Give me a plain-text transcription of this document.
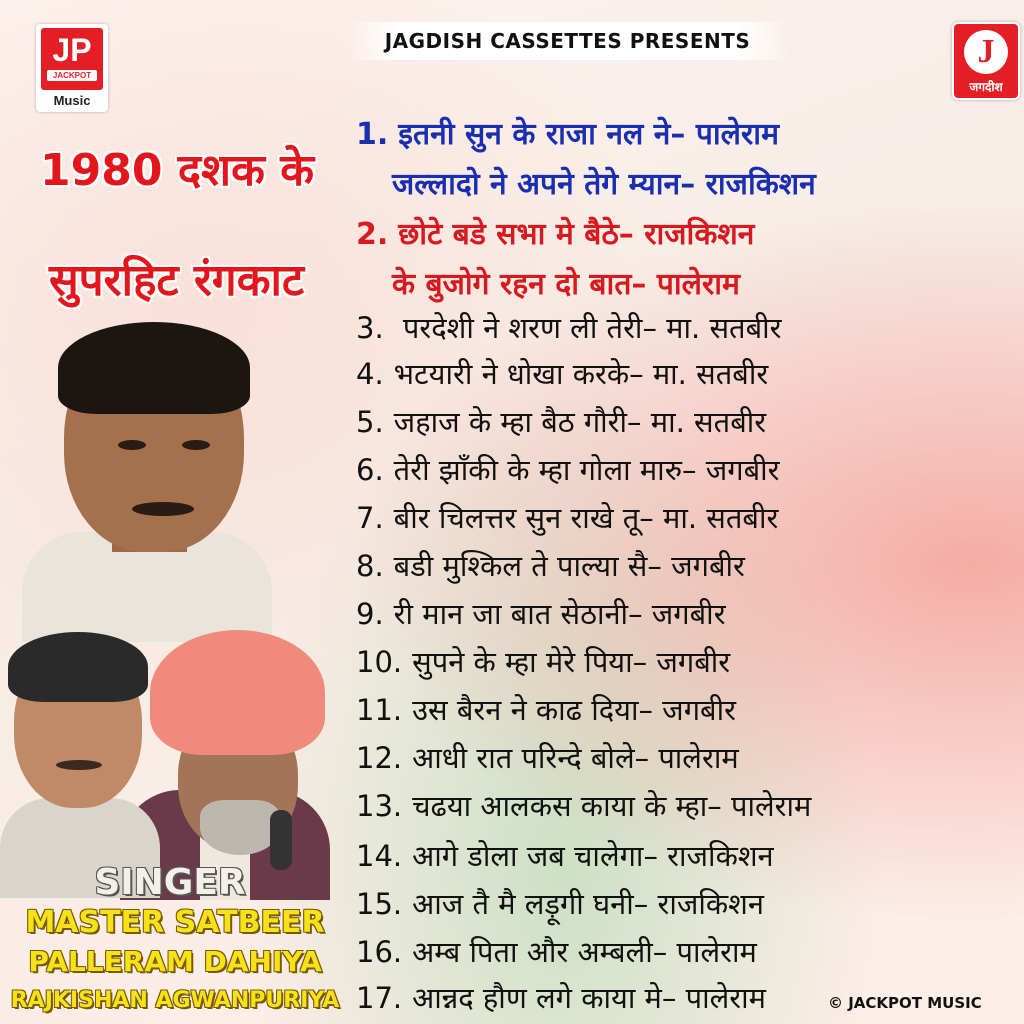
JAGDISH CASSETTES PRESENTS
JP
JACKPOT
Music
J
जगदीश
1980 दशक के
सुपरहिट रंगकाट
SINGER
MASTER SATBEER
PALLERAM DAHIYA
RAJKISHAN AGWANPURIYA
1. इतनी सुन के राजा नल ने– पालेराम
जल्लादो ने अपने तेगे म्यान– राजकिशन
2. छोटे बडे सभा मे बैठे– राजकिशन
के बुजोगे रहन दो बात– पालेराम
3. परदेशी ने शरण ली तेरी– मा. सतबीर
4. भटयारी ने धोखा करके– मा. सतबीर
5. जहाज के म्हा बैठ गौरी– मा. सतबीर
6. तेरी झाँकी के म्हा गोला मारु– जगबीर
7. बीर चिलत्तर सुन राखे तू– मा. सतबीर
8. बडी मुश्किल ते पाल्या सै– जगबीर
9. री मान जा बात सेठानी– जगबीर
10. सुपने के म्हा मेरे पिया– जगबीर
11. उस बैरन ने काढ दिया– जगबीर
12. आधी रात परिन्दे बोले– पालेराम
13. चढया आलकस काया के म्हा– पालेराम
14. आगे डोला जब चालेगा– राजकिशन
15. आज तै मै लड़ूगी घनी– राजकिशन
16. अम्ब पिता और अम्बली– पालेराम
17. आन्नद हौण लगे काया मे– पालेराम	© JACKPOT MUSIC
